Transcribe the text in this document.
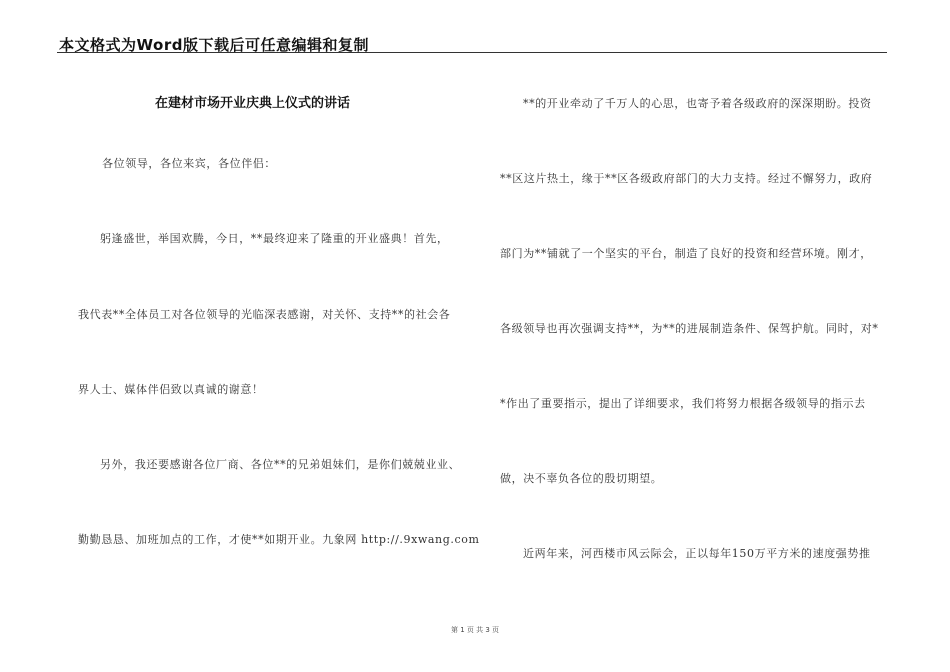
本文格式为Word版下载后可任意编辑和复制
在建材市场开业庆典上仪式的讲话
各位领导，各位来宾，各位伴侣：
躬逢盛世，举国欢腾，今日，**最终迎来了隆重的开业盛典！首先，
我代表**全体员工对各位领导的光临深表感谢，对关怀、支持**的社会各
界人士、媒体伴侣致以真诚的谢意！
另外，我还要感谢各位厂商、各位**的兄弟姐妹们，是你们兢兢业业、
勤勤恳恳、加班加点的工作，才使**如期开业。九象网 http://.9xwang.com
**的开业牵动了千万人的心思，也寄予着各级政府的深深期盼。投资
**区这片热土，缘于**区各级政府部门的大力支持。经过不懈努力，政府
部门为**铺就了一个坚实的平台，制造了良好的投资和经营环境。刚才，
各级领导也再次强调支持**，为**的进展制造条件、保驾护航。同时，对*
*作出了重要指示，提出了详细要求，我们将努力根据各级领导的指示去
做，决不辜负各位的殷切期望。
近两年来，河西楼市风云际会，正以每年150万平方米的速度强势推
第 1 页 共 3 页
